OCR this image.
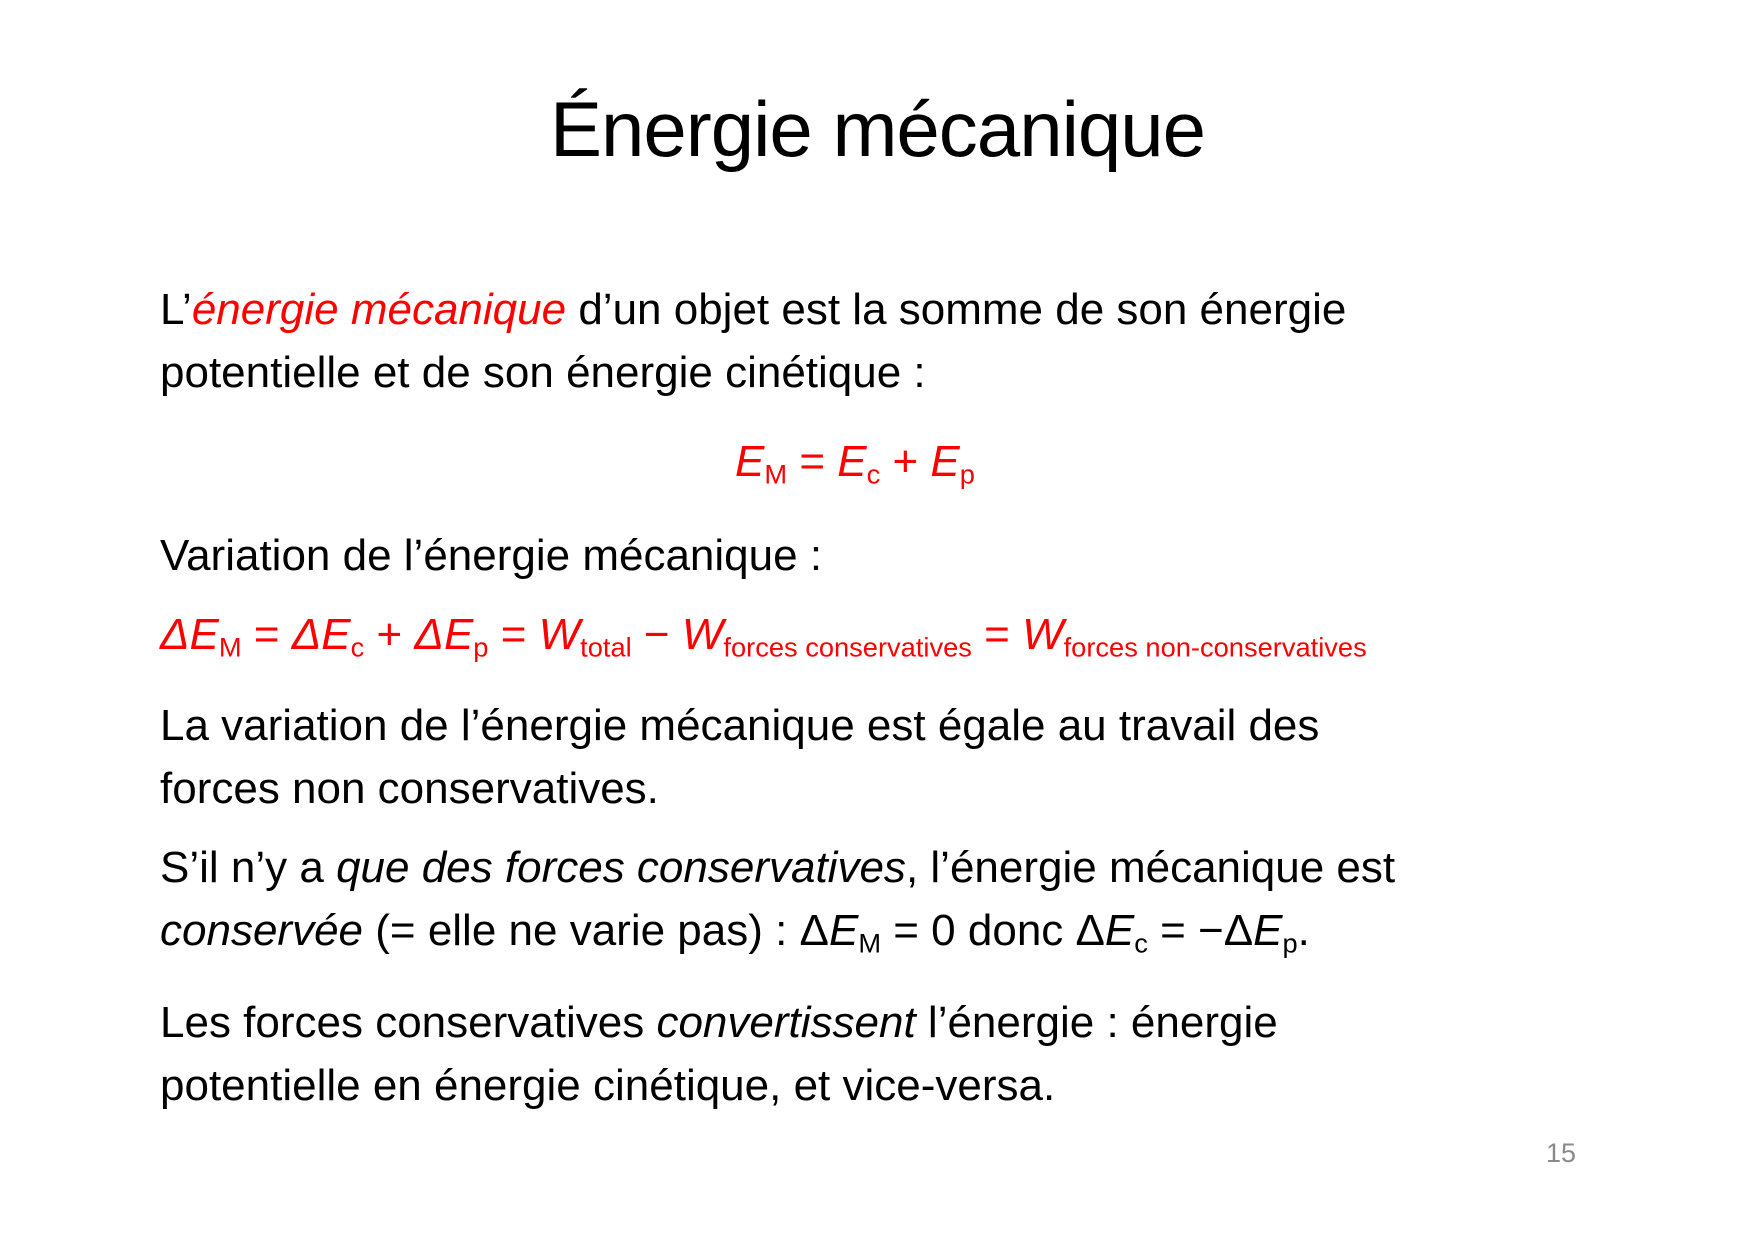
Énergie mécanique
L’énergie mécanique d’un objet est la somme de son énergie
potentielle et de son énergie cinétique :
$E_M = E_c + E_p$
Variation de l’énergie mécanique :
$\Delta E_M = \Delta E_c + \Delta E_p = W_{total} - W_{forces conservatives} = W_{forces non-conservatives}$
La variation de l’énergie mécanique est égale au travail des
forces non conservatives.
S’il n’y a que des forces conservatives, l’énergie mécanique est
conservée (= elle ne varie pas) : $\Delta E_M = 0$ donc $\Delta E_c = -\Delta E_p$.
Les forces conservatives convertissent l’énergie : énergie
potentielle en énergie cinétique, et vice-versa.
15
